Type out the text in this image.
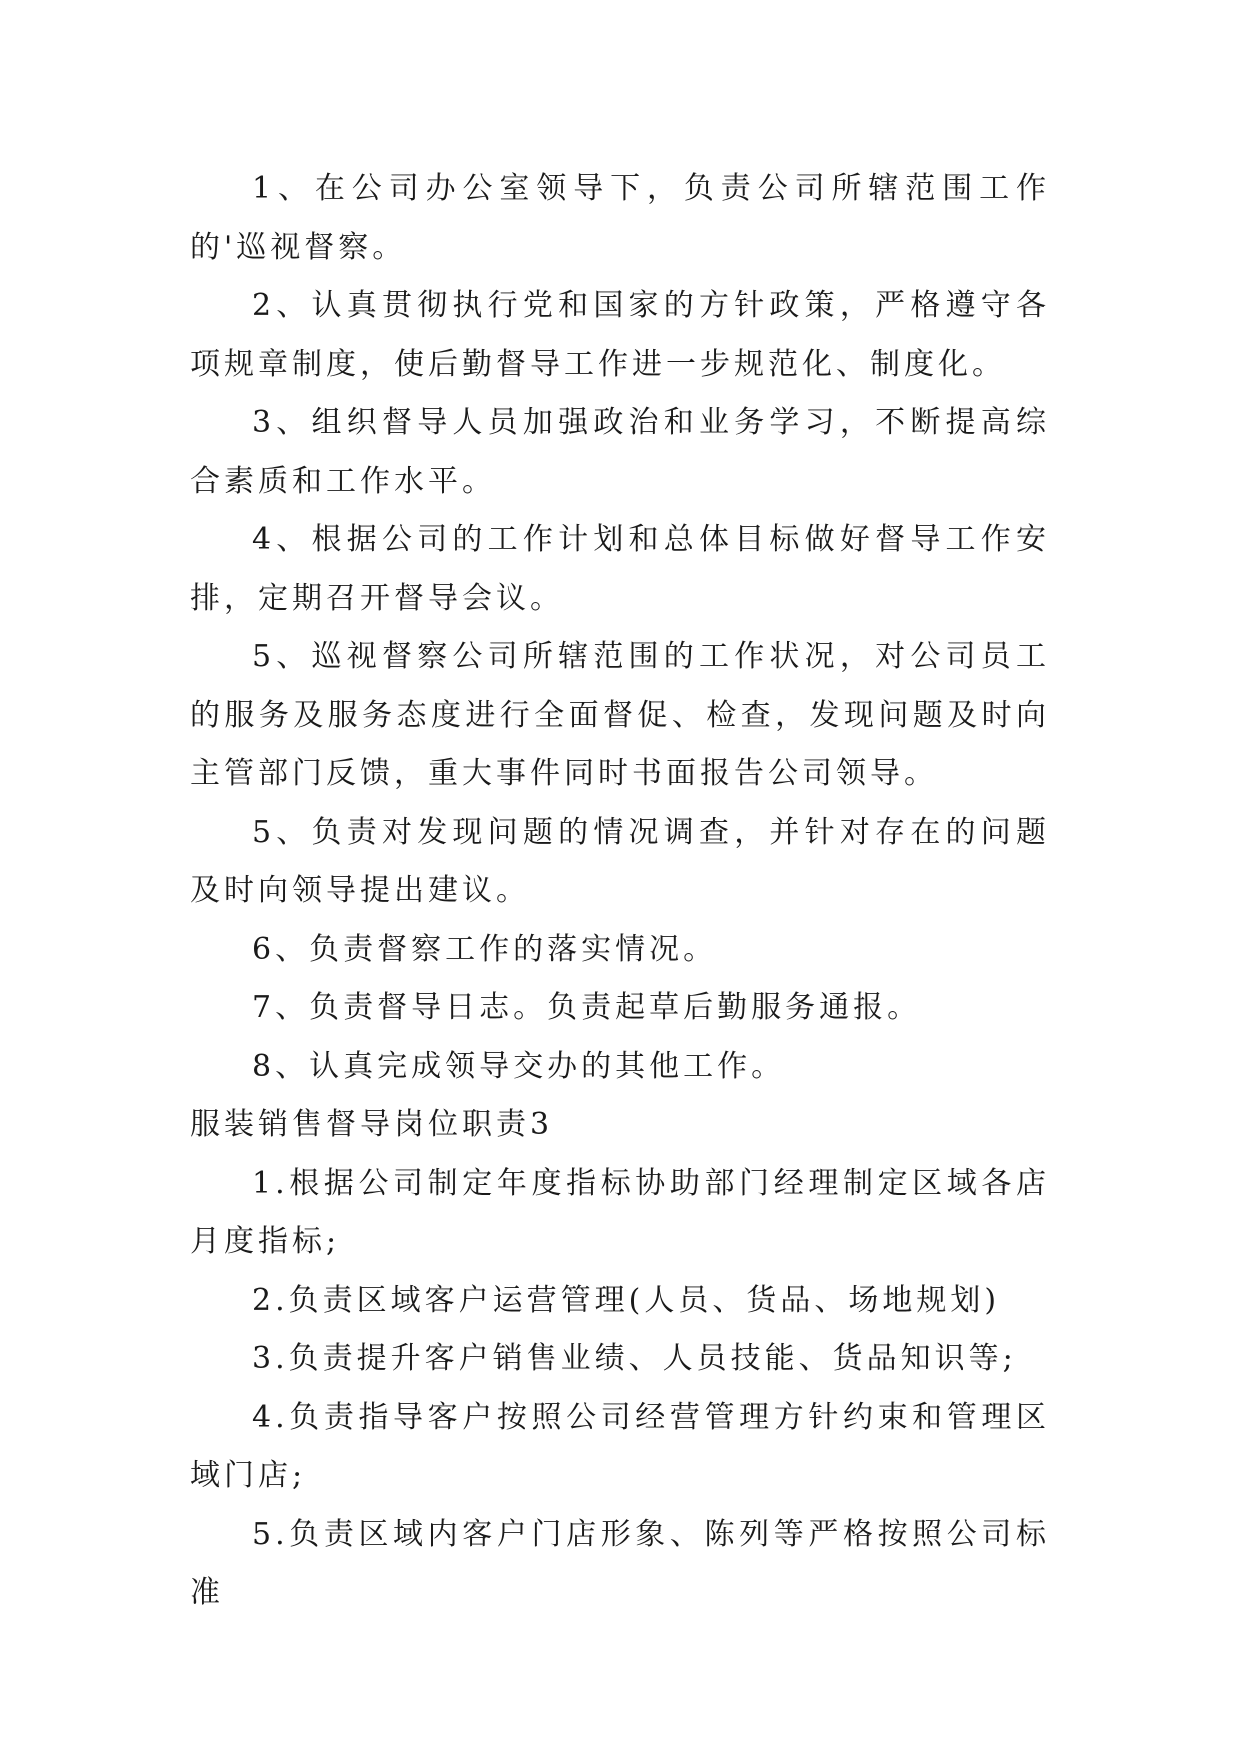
1、在公司办公室领导下，负责公司所辖范围工作的'巡视督察。

2、认真贯彻执行党和国家的方针政策，严格遵守各项规章制度，使后勤督导工作进一步规范化、制度化。

3、组织督导人员加强政治和业务学习，不断提高综合素质和工作水平。

4、根据公司的工作计划和总体目标做好督导工作安排，定期召开督导会议。

5、巡视督察公司所辖范围的工作状况，对公司员工的服务及服务态度进行全面督促、检查，发现问题及时向主管部门反馈，重大事件同时书面报告公司领导。

5、负责对发现问题的情况调查，并针对存在的问题及时向领导提出建议。

6、负责督察工作的落实情况。

7、负责督导日志。负责起草后勤服务通报。

8、认真完成领导交办的其他工作。

服装销售督导岗位职责3

1.根据公司制定年度指标协助部门经理制定区域各店月度指标;

2.负责区域客户运营管理(人员、货品、场地规划)

3.负责提升客户销售业绩、人员技能、货品知识等;

4.负责指导客户按照公司经营管理方针约束和管理区域门店;

5.负责区域内客户门店形象、陈列等严格按照公司标准
